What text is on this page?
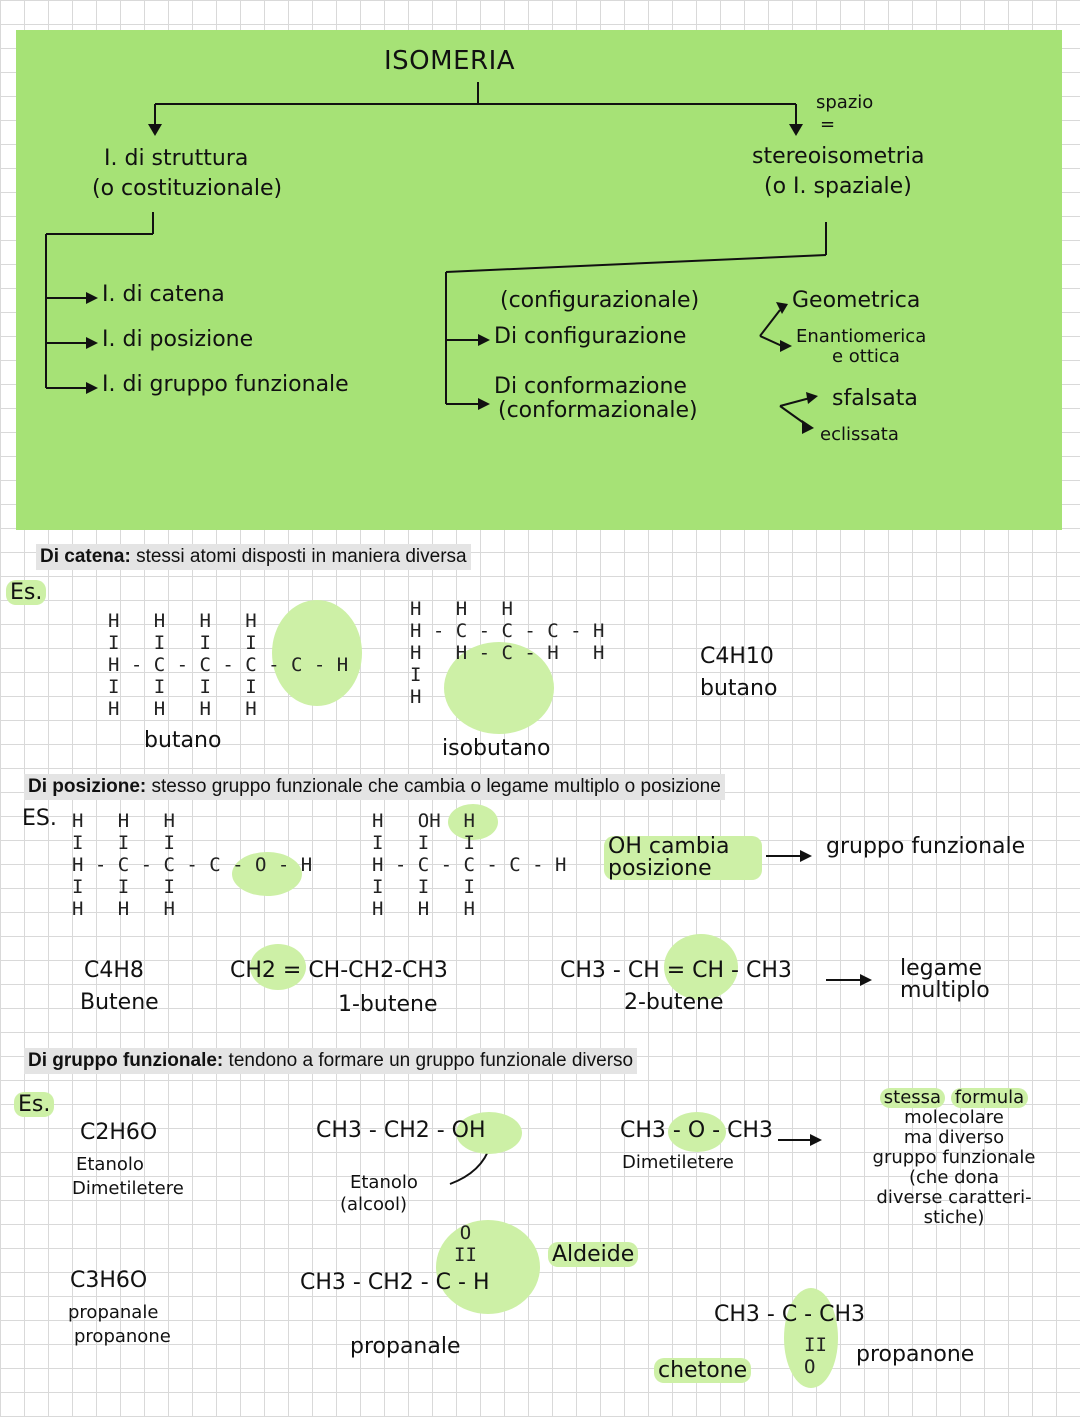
ISOMERIA
I. di struttura
(o costituzionale)
spazio
=
stereoisometria
(o I. spaziale)
I. di catena
I. di posizione
I. di gruppo funzionale
(configurazionale)
Di configurazione
Geometrica
Enantiomerica
e ottica
Di conformazione
(conformazionale)	sfalsata
eclissata
Di catena: stessi atomi disposti in maniera diversa
Es.
H   H   H   H
I   I   I   I
H - C - C - C - C - H
I   I   I   I
H   H   H   H
butano
H   H   H
H - C - C - C - H
H   H - C - H   H
I
H
isobutano
C4H10
butano
Di posizione: stesso gruppo funzionale che cambia o legame multiplo o posizione
ES. H   H   H
I   I   I
H - C - C - C - O - H
I   I   I
H   H   H
H   OH  H
I   I   I
H - C - C - C - H
I   I   I
H   H   H
OH cambia posizione
gruppo funzionale
C4H8
Butene
CH2 = CH-CH2-CH3
1-butene
CH3 - CH = CH - CH3
2-butene
legame multiplo
Di gruppo funzionale: tendono a formare un gruppo funzionale diverso
Es.
C2H6O
Etanolo
Dimetiletere
CH3 - CH2 - OH
Etanolo
(alcool)
CH3 - O - CH3
Dimetiletere
stessa formula
molecolare
ma diverso
gruppo funzionale
(che dona
diverse caratteri-
stiche)
C3H6O
propanale
propanone
O
II
CH3 - CH2 - C - H
propanale
Aldeide
CH3 - C - CH3
II
O
chetone
propanone
